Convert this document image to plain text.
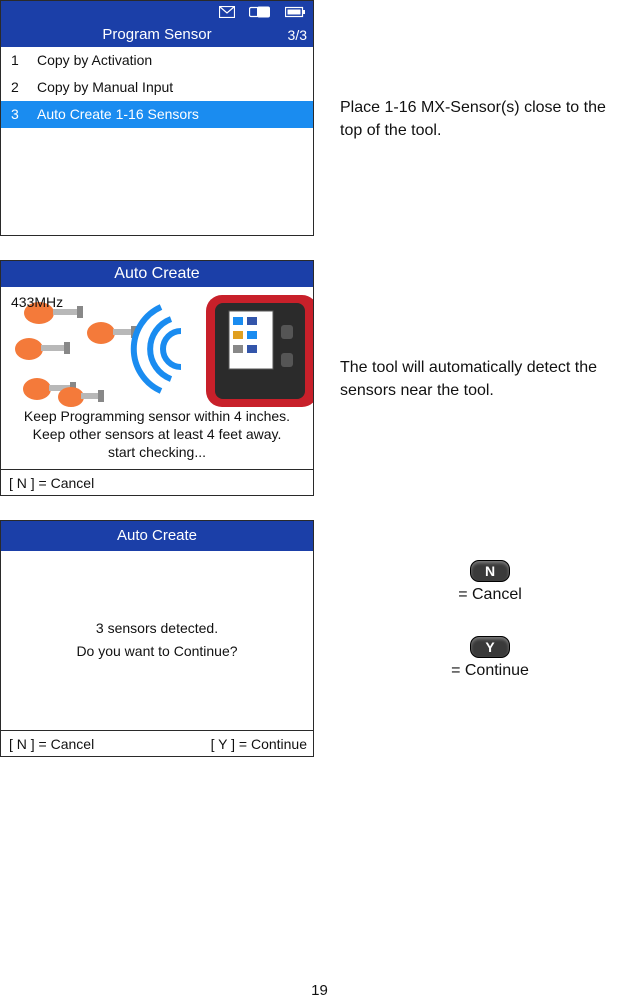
Program Sensor	3/3
1 Copy by Activation
2 Copy by Manual Input
3 Auto Create 1-16 Sensors	Place 1-16 MX-Sensor(s) close to the top of the tool.
Auto Create
433MHz
Keep Programming sensor within 4 inches.
Keep other sensors at least 4 feet away.
start checking...
[ N ] = Cancel
The tool will automatically detect the sensors near the tool.
Auto Create
3 sensors detected.
Do you want to Continue?
[ N ] = Cancel	[ Y ] = Continue
N
= Cancel
Y
= Continue
19
